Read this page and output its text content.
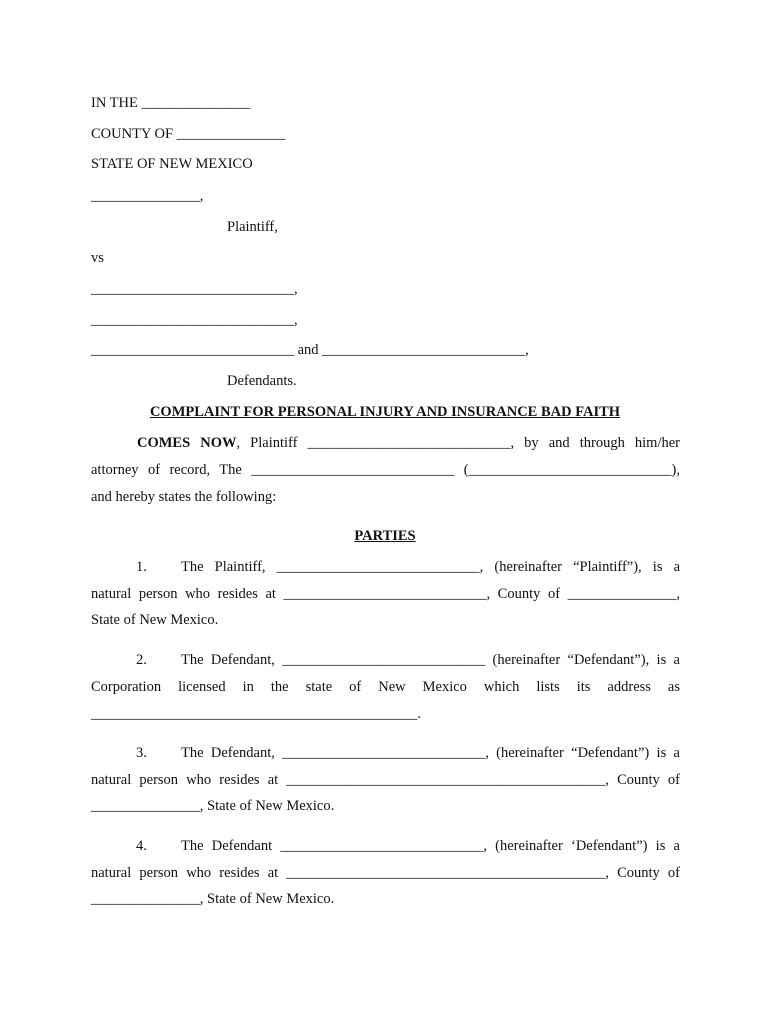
IN THE _______________
COUNTY OF _______________
STATE OF NEW MEXICO
_______________,
Plaintiff,
vs
____________________________,
____________________________,
____________________________ and ____________________________,
Defendants.
COMPLAINT FOR PERSONAL INJURY AND INSURANCE BAD FAITH
COMES NOW, Plaintiff ____________________________, by and through him/her
attorney of record, The ____________________________ (____________________________),
and hereby states the following:
PARTIES
1. The Plaintiff, ____________________________, (hereinafter “Plaintiff”), is a
natural person who resides at ____________________________, County of _______________,
State of New Mexico.
2. The Defendant, ____________________________ (hereinafter “Defendant”), is a
Corporation licensed in the state of New Mexico which lists its address as
_____________________________________________.
3. The Defendant, ____________________________, (hereinafter “Defendant”) is a
natural person who resides at ____________________________________________, County of
_______________, State of New Mexico.
4. The Defendant ____________________________, (hereinafter ‘Defendant”) is a
natural person who resides at ____________________________________________, County of
_______________, State of New Mexico.
